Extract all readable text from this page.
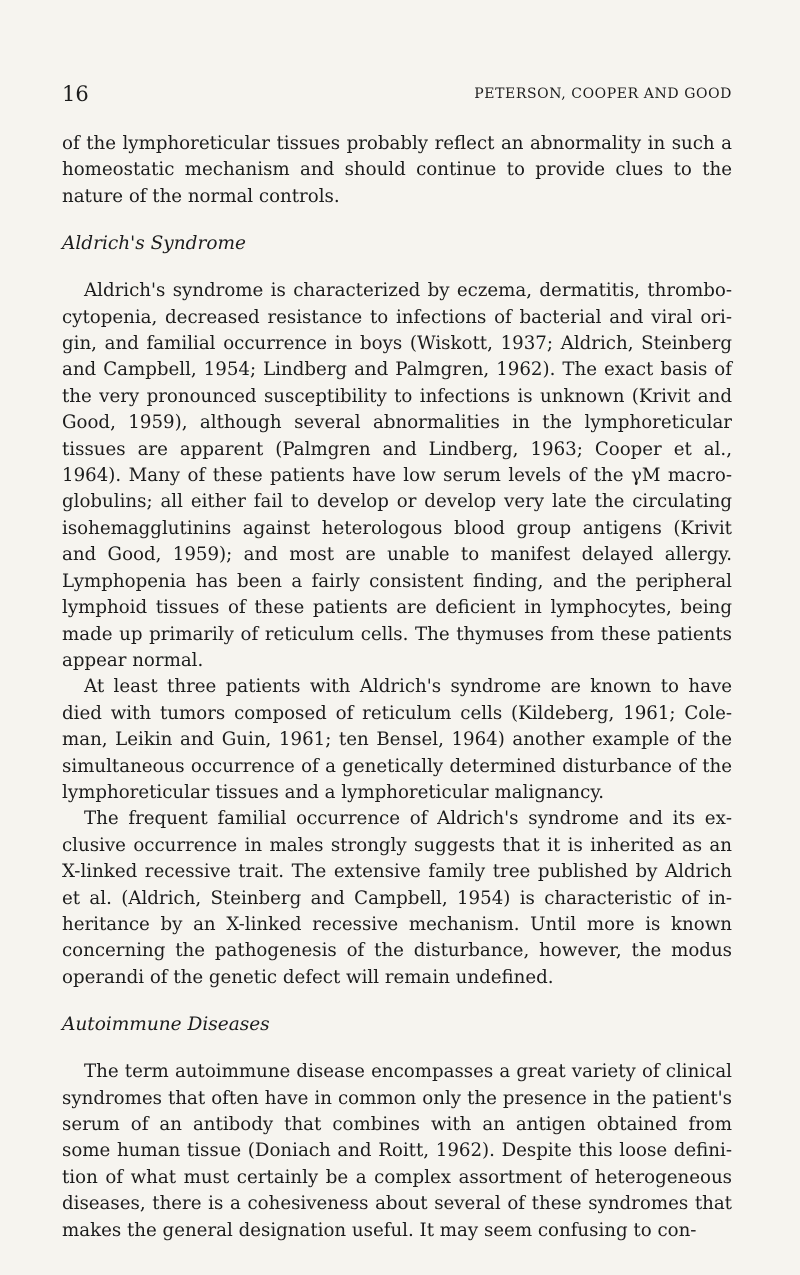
16	PETERSON, COOPER AND GOOD

of the lymphoreticular tissues probably reflect an abnormality in such a homeostatic mechanism and should continue to provide clues to the nature of the normal controls.

Aldrich's Syndrome

Aldrich's syndrome is characterized by eczema, dermatitis, thrombocytopenia, decreased resistance to infections of bacterial and viral origin, and familial occurrence in boys (Wiskott, 1937; Aldrich, Steinberg and Campbell, 1954; Lindberg and Palmgren, 1962). The exact basis of the very pronounced susceptibility to infections is unknown (Krivit and Good, 1959), although several abnormalities in the lymphoreticular tissues are apparent (Palmgren and Lindberg, 1963; Cooper et al., 1964). Many of these patients have low serum levels of the γM macroglobulins; all either fail to develop or develop very late the circulating isohemagglutinins against heterologous blood group antigens (Krivit and Good, 1959); and most are unable to manifest delayed allergy. Lymphopenia has been a fairly consistent finding, and the peripheral lymphoid tissues of these patients are deficient in lymphocytes, being made up primarily of reticulum cells. The thymuses from these patients appear normal.

At least three patients with Aldrich's syndrome are known to have died with tumors composed of reticulum cells (Kildeberg, 1961; Coleman, Leikin and Guin, 1961; ten Bensel, 1964) another example of the simultaneous occurrence of a genetically determined disturbance of the lymphoreticular tissues and a lymphoreticular malignancy.

The frequent familial occurrence of Aldrich's syndrome and its exclusive occurrence in males strongly suggests that it is inherited as an X-linked recessive trait. The extensive family tree published by Aldrich et al. (Aldrich, Steinberg and Campbell, 1954) is characteristic of inheritance by an X-linked recessive mechanism. Until more is known concerning the pathogenesis of the disturbance, however, the modus operandi of the genetic defect will remain undefined.

Autoimmune Diseases

The term autoimmune disease encompasses a great variety of clinical syndromes that often have in common only the presence in the patient's serum of an antibody that combines with an antigen obtained from some human tissue (Doniach and Roitt, 1962). Despite this loose definition of what must certainly be a complex assortment of heterogeneous diseases, there is a cohesiveness about several of these syndromes that makes the general designation useful. It may seem confusing to con-
